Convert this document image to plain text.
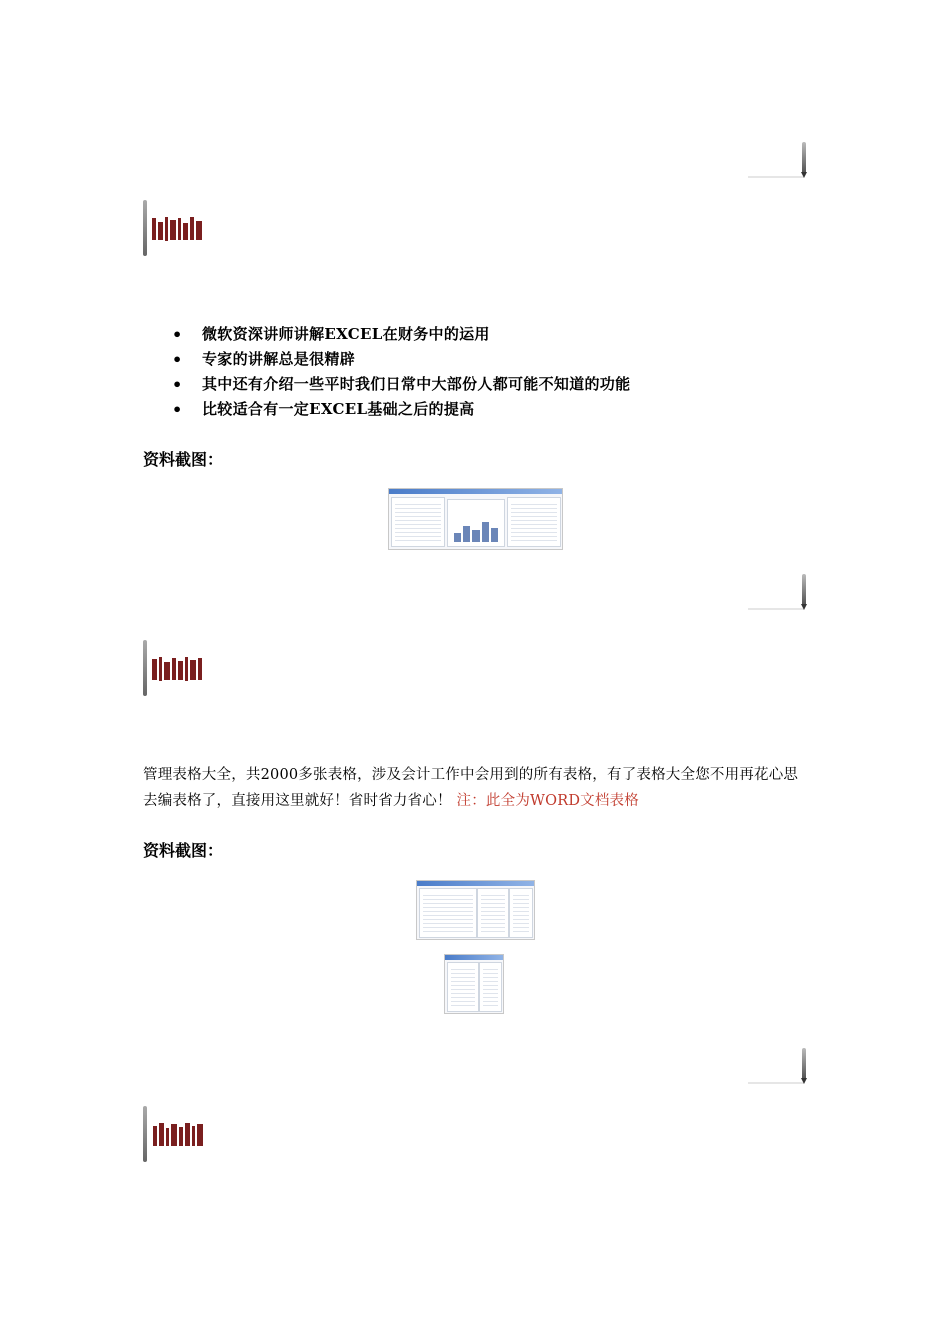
• 微软资深讲师讲解EXCEL在财务中的运用
• 专家的讲解总是很精辟
• 其中还有介绍一些平时我们日常中大部份人都可能不知道的功能
• 比较适合有一定EXCEL基础之后的提高
资料截图：
管理表格大全，共2000多张表格，涉及会计工作中会用到的所有表格，有了表格大全您不用再花心思去编表格了，直接用这里就好！省时省力省心！ 注：此全为WORD文档表格
资料截图：
